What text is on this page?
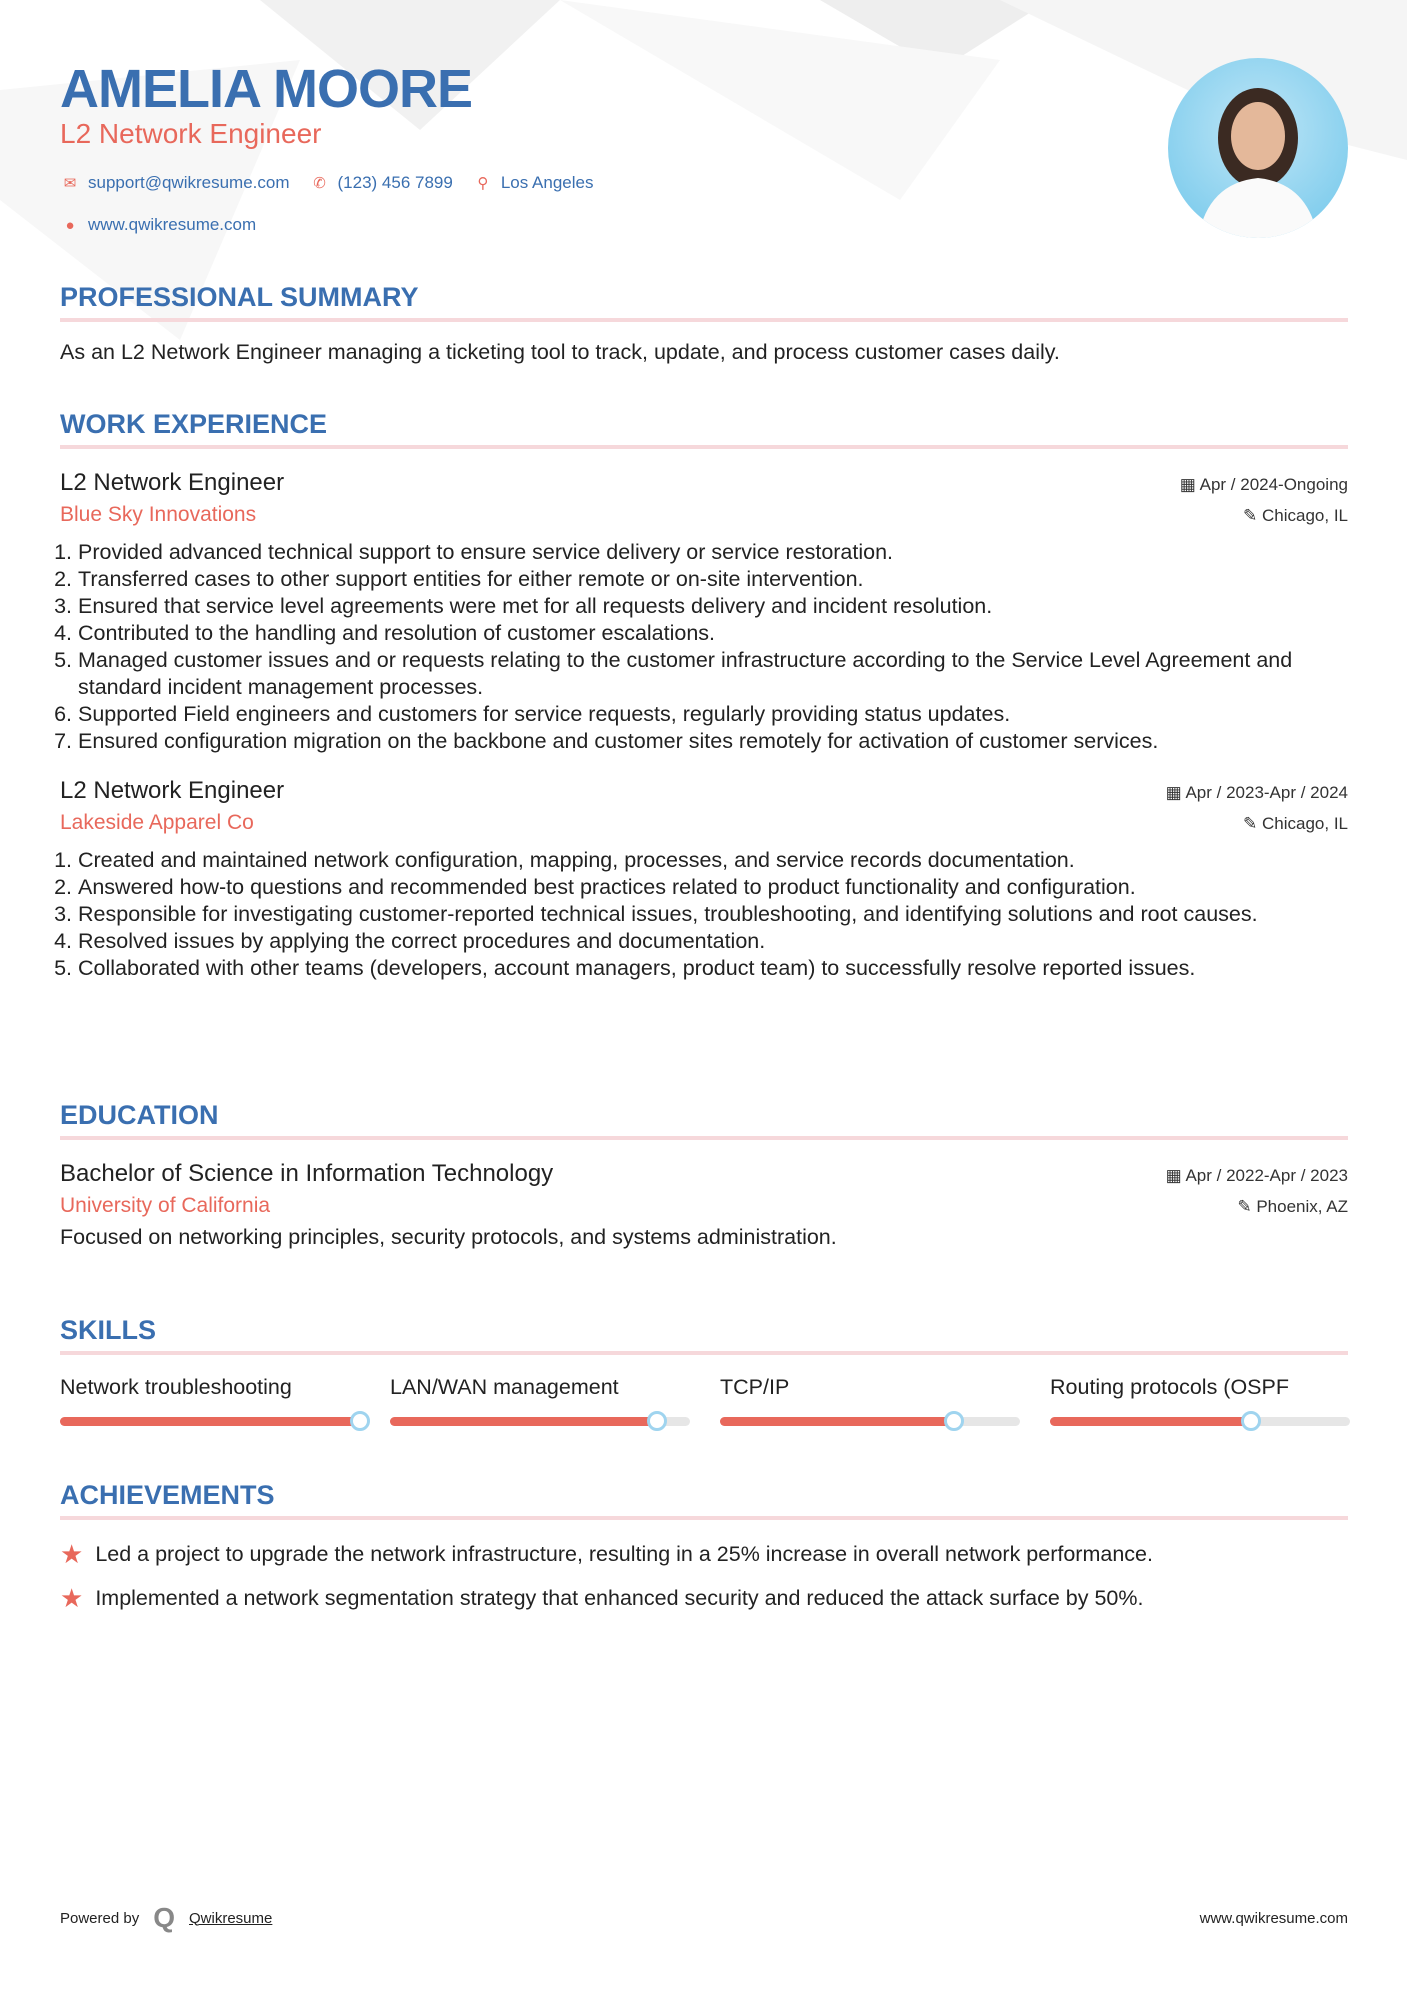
AMELIA MOORE
L2 Network Engineer
✉ support@qwikresume.com ✆ (123) 456 7899	⚲ Los Angeles
● www.qwikresume.com
PROFESSIONAL SUMMARY
As an L2 Network Engineer managing a ticketing tool to track, update, and process customer cases daily.
WORK EXPERIENCE
L2 Network Engineer	▦ Apr / 2024-Ongoing
Blue Sky Innovations	✎ Chicago, IL
1. Provided advanced technical support to ensure service delivery or service restoration.
2. Transferred cases to other support entities for either remote or on-site intervention.
3. Ensured that service level agreements were met for all requests delivery and incident resolution.
4. Contributed to the handling and resolution of customer escalations.
5. Managed customer issues and or requests relating to the customer infrastructure according to the Service Level Agreement and standard incident management processes.
6. Supported Field engineers and customers for service requests, regularly providing status updates.
7. Ensured configuration migration on the backbone and customer sites remotely for activation of customer services.
L2 Network Engineer	▦ Apr / 2023-Apr / 2024
Lakeside Apparel Co	✎ Chicago, IL
1. Created and maintained network configuration, mapping, processes, and service records documentation.
2. Answered how-to questions and recommended best practices related to product functionality and configuration.
3. Responsible for investigating customer-reported technical issues, troubleshooting, and identifying solutions and root causes.
4. Resolved issues by applying the correct procedures and documentation.
5. Collaborated with other teams (developers, account managers, product team) to successfully resolve reported issues.
EDUCATION
Bachelor of Science in Information Technology	▦ Apr / 2022-Apr / 2023
University of California	✎ Phoenix, AZ
Focused on networking principles, security protocols, and systems administration.
SKILLS
Network troubleshooting	LAN/WAN management	TCP/IP	Routing protocols (OSPF
ACHIEVEMENTS
★ Led a project to upgrade the network infrastructure, resulting in a 25% increase in overall network performance.
★ Implemented a network segmentation strategy that enhanced security and reduced the attack surface by 50%.
Powered by Q Qwikresume	www.qwikresume.com
